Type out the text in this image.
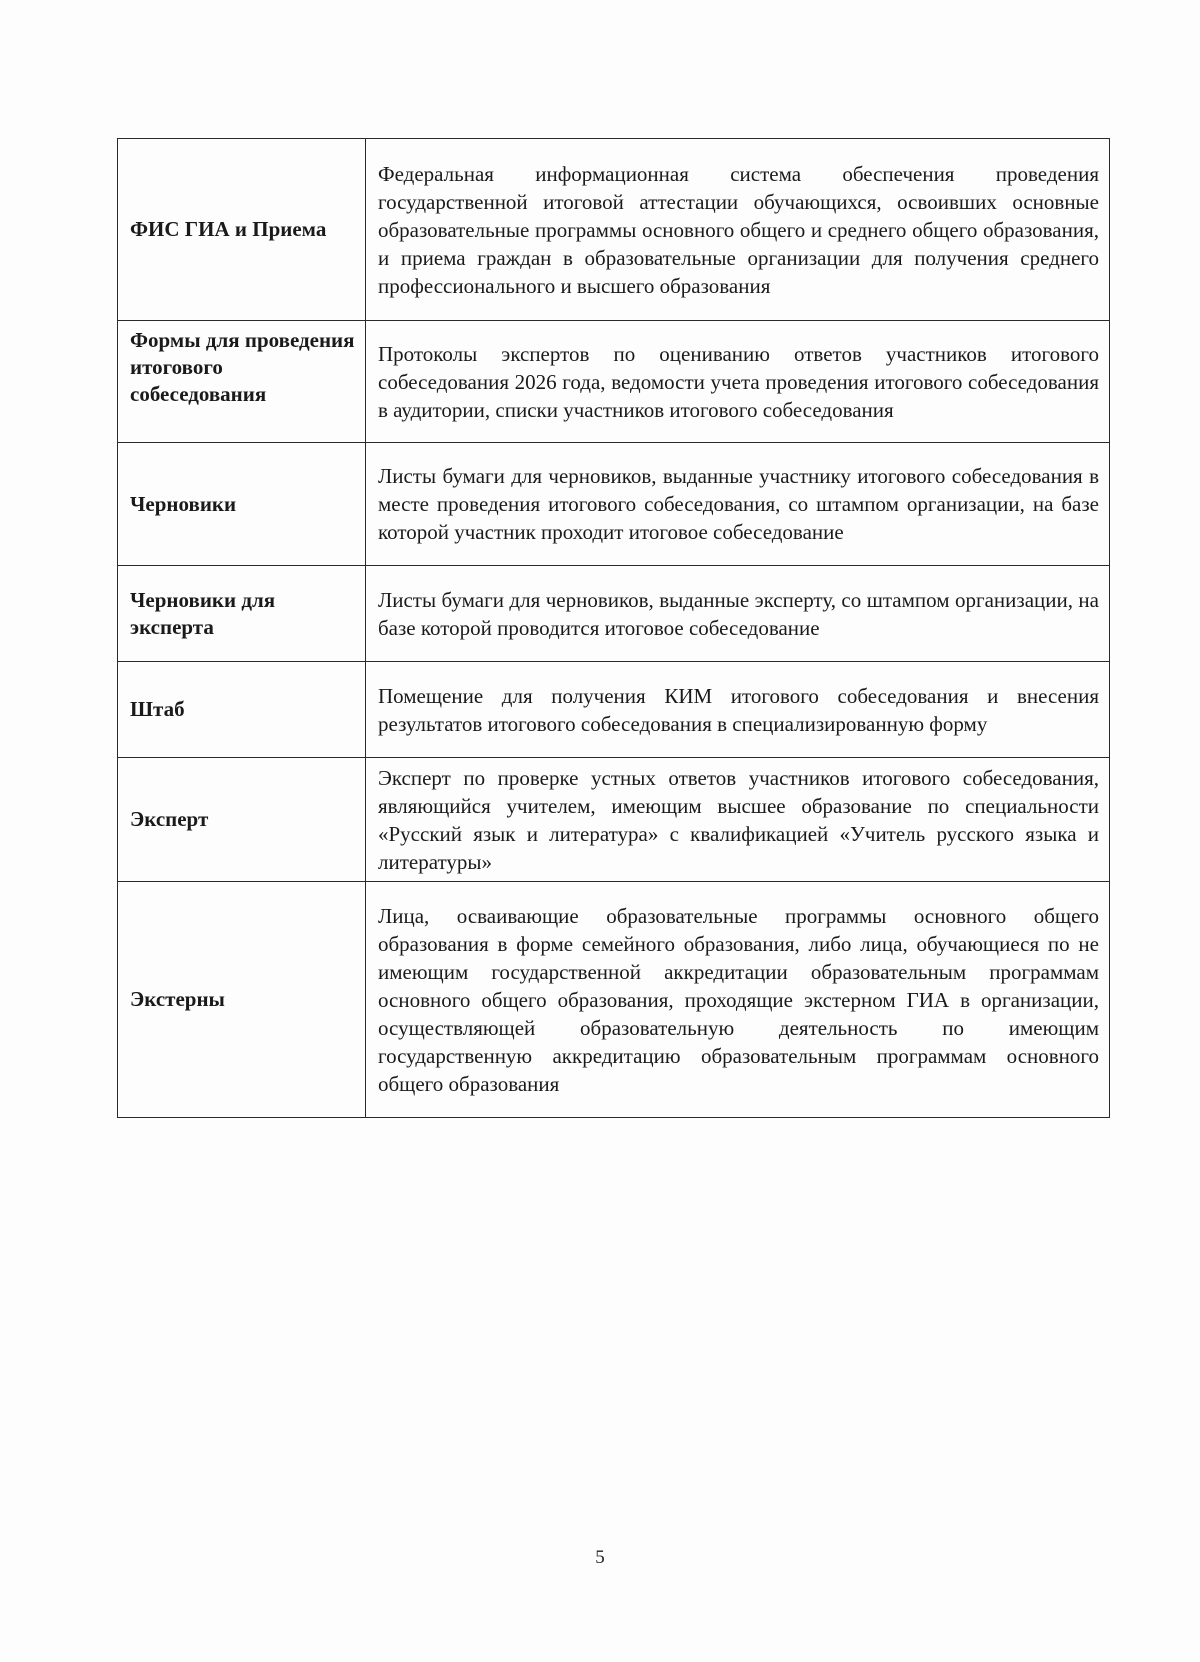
ФИС ГИА и Приема	Федеральная информационная система обеспечения проведения государственной итоговой аттестации обучающихся, освоивших основные образовательные программы основного общего и среднего общего образования, и приема граждан в образовательные организации для получения среднего профессионального и высшего образования
Формы для проведения итогового собеседования	Протоколы экспертов по оцениванию ответов участников итогового собеседования 2026 года, ведомости учета проведения итогового собеседования в аудитории, списки участников итогового собеседования
Черновики	Листы бумаги для черновиков, выданные участнику итогового собеседования в месте проведения итогового собеседования, со штампом организации, на базе которой участник проходит итоговое собеседование
Черновики для эксперта	Листы бумаги для черновиков, выданные эксперту, со штампом организации, на базе которой проводится итоговое собеседование
Штаб	Помещение для получения КИМ итогового собеседования и внесения результатов итогового собеседования в специализированную форму
Эксперт	Эксперт по проверке устных ответов участников итогового собеседования, являющийся учителем, имеющим высшее образование по специальности «Русский язык и литература» с квалификацией «Учитель русского языка и литературы»
Экстерны	Лица, осваивающие образовательные программы основного общего образования в форме семейного образования, либо лица, обучающиеся по не имеющим государственной аккредитации образовательным программам основного общего образования, проходящие экстерном ГИА в организации, осуществляющей образовательную деятельность по имеющим государственную аккредитацию образовательным программам основного общего образования
5
